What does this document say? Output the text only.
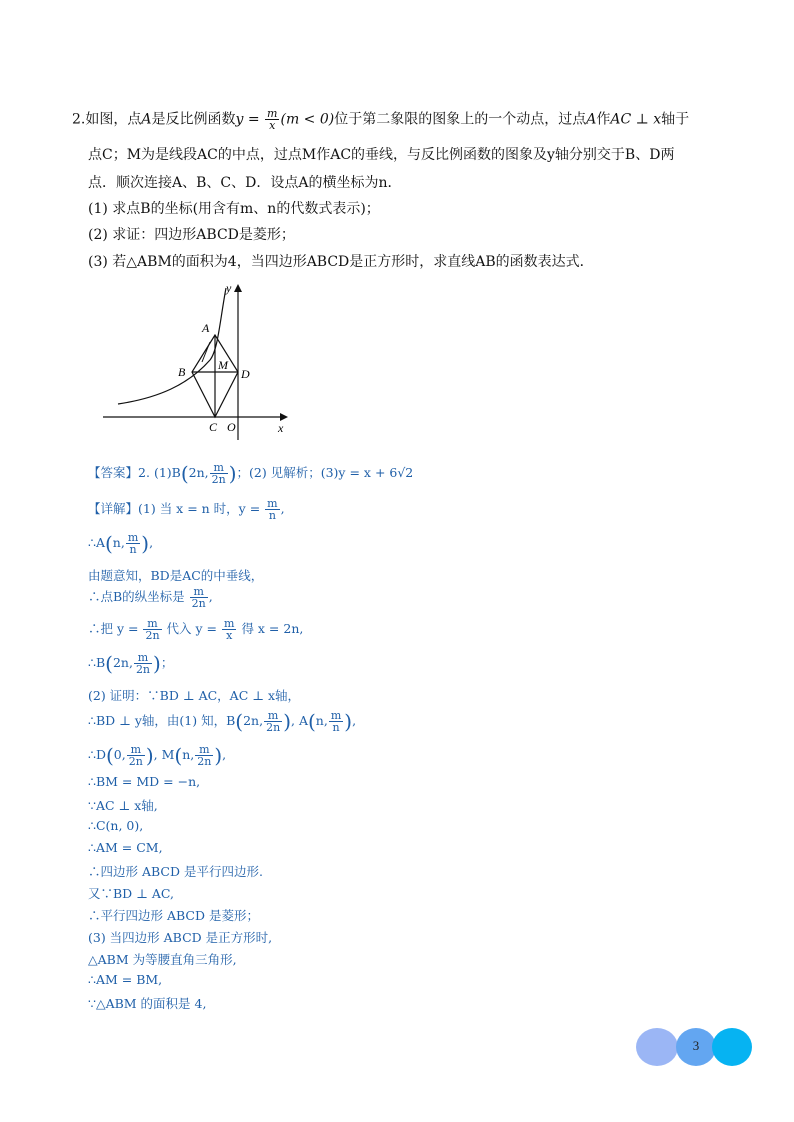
2.如图，点A是反比例函数$y = \frac{m}{x} (m < 0)$位于第二象限的图象上的一个动点，过点A作AC ⊥ x轴于
点C；M为是线段AC的中点，过点M作AC的垂线，与反比例函数的图象及y轴分别交于B、D两
点．顺次连接A、B、C、D．设点A的横坐标为n．
(1) 求点B的坐标(用含有m、n的代数式表示)；
(2) 求证：四边形ABCD是菱形；
(3) 若△ABM的面积为4，当四边形ABCD是正方形时，求直线AB的函数表达式．
y
A
B	M
D
C O	x
【答案】2. (1)B(2n, $\frac{m}{2n}$ )；(2) 见解析；(3)y = x + 6√2
【详解】(1) 当 x = n 时，$y = \frac{m}{n}$ ,
∴A(n, $\frac{m}{n}$ ),
由题意知，BD是AC的中垂线，
∴点B的纵坐标是 $\frac{m}{2n}$ ,
∴把 $y = \frac{m}{2n}$ 代入 $y = \frac{m}{x}$ 得 x = 2n,
∴B(2n, $\frac{m}{2n}$ )；
(2) 证明：∵BD ⊥ AC，AC ⊥ x轴，
∴BD ⊥ y轴，由(1) 知，B(2n, $\frac{m}{2n}$ ), A(n, $\frac{m}{n}$ ),
∴D(0, $\frac{m}{2n}$ ), M(n, $\frac{m}{2n}$ ),
∴BM = MD = −n,
∵AC ⊥ x轴,
∴C(n, 0),
∴AM = CM,
∴四边形 ABCD 是平行四边形.
又∵BD ⊥ AC,
∴平行四边形 ABCD 是菱形；
(3) 当四边形 ABCD 是正方形时,
△ABM 为等腰直角三角形,
∴AM = BM,
∵△ABM 的面积是 4,
3
